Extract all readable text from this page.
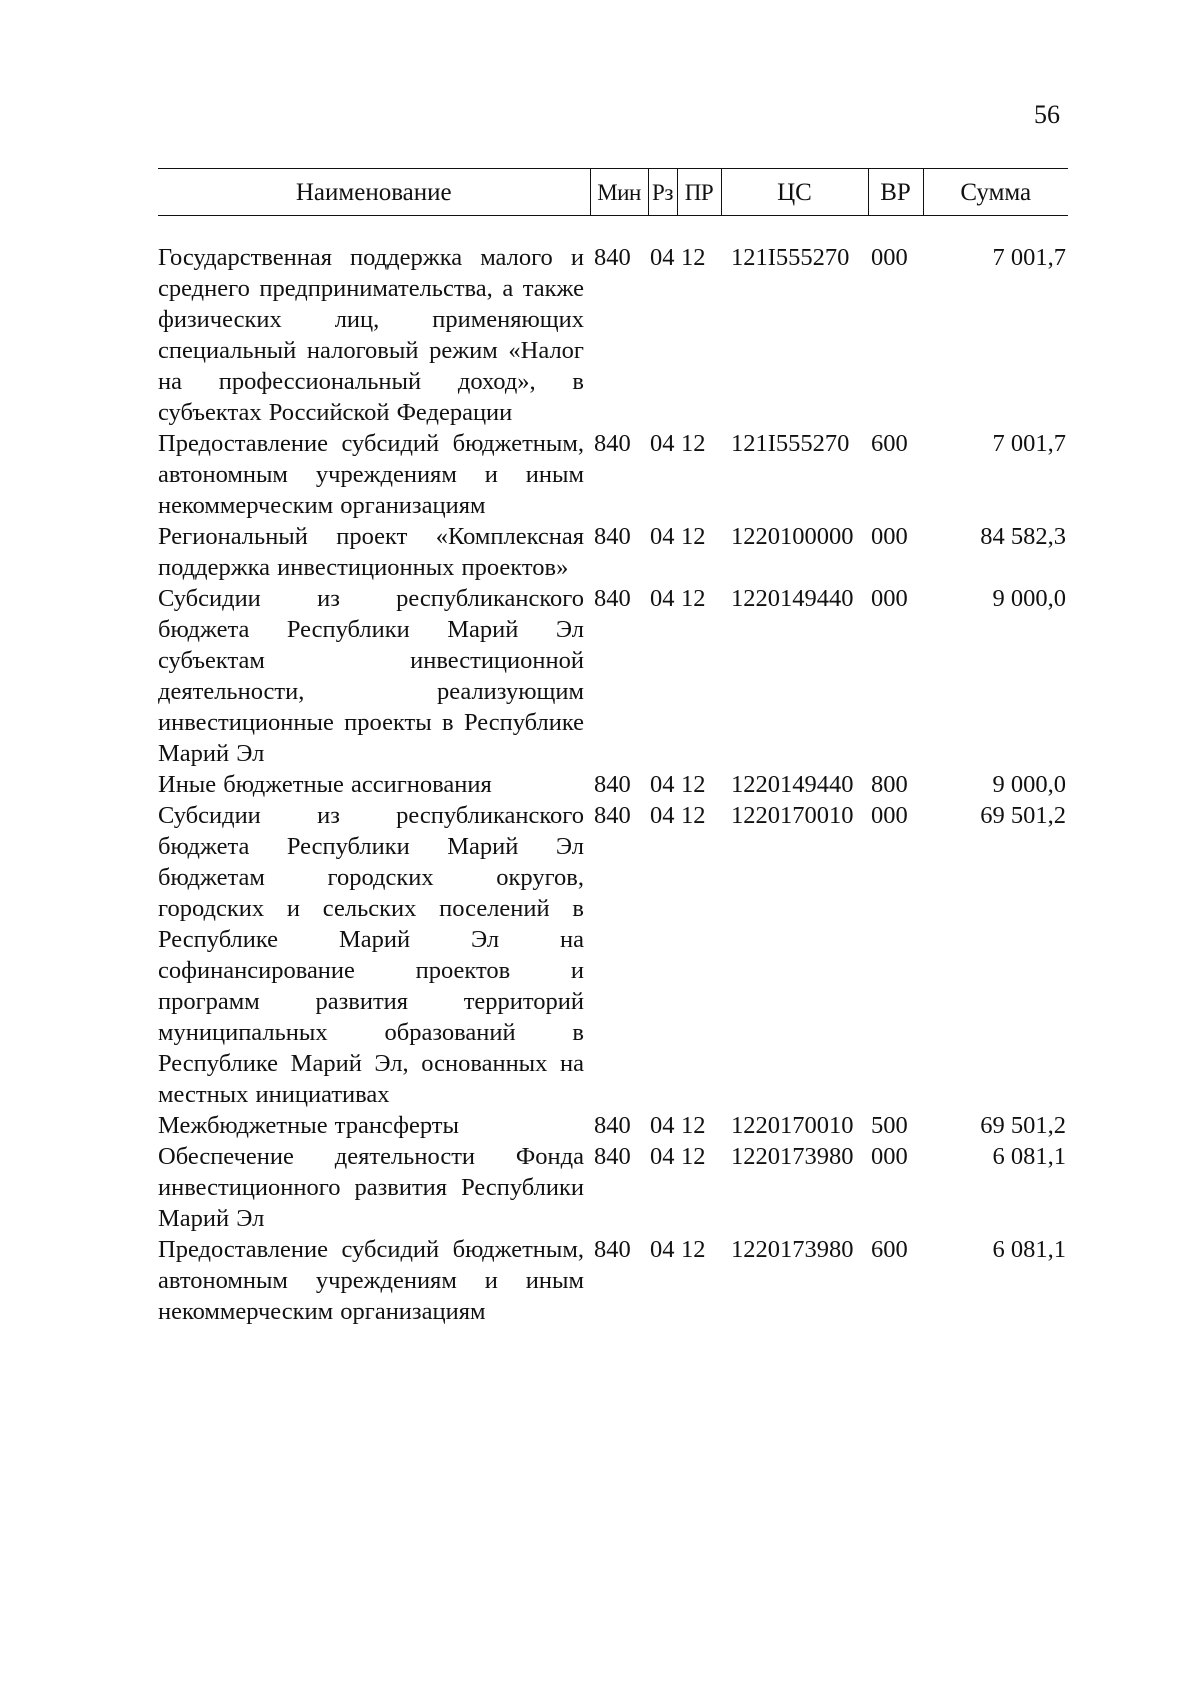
56
Наименование	Мин	Рз	ПР	ЦС	ВР	Сумма

Государственная поддержка малого и среднего предпринимательства, а также физических лиц, применяющих специальный налоговый режим «Налог на профессиональный доход», в субъектах Российской Федерации	840	04	12	121I555270	000	7 001,7
Предоставление субсидий бюджетным, автономным учреждениям и иным некоммерческим организациям	840	04	12	121I555270	600	7 001,7
Региональный проект «Комплексная поддержка инвестиционных проектов»	840	04	12	1220100000	000	84 582,3
Субсидии из республиканского бюджета Республики Марий Эл субъектам инвестиционной деятельности, реализующим инвестиционные проекты в Республике Марий Эл	840	04	12	1220149440	000	9 000,0
Иные бюджетные ассигнования	840	04	12	1220149440	800	9 000,0
Субсидии из республиканского бюджета Республики Марий Эл бюджетам городских округов, городских и сельских поселений в Республике Марий Эл на софинансирование проектов и программ развития территорий муниципальных образований в Республике Марий Эл, основанных на местных инициативах	840	04	12	1220170010	000	69 501,2
Межбюджетные трансферты	840	04	12	1220170010	500	69 501,2
Обеспечение деятельности Фонда инвестиционного развития Республики Марий Эл	840	04	12	1220173980	000	6 081,1
Предоставление субсидий бюджетным, автономным учреждениям и иным некоммерческим организациям	840	04	12	1220173980	600	6 081,1
